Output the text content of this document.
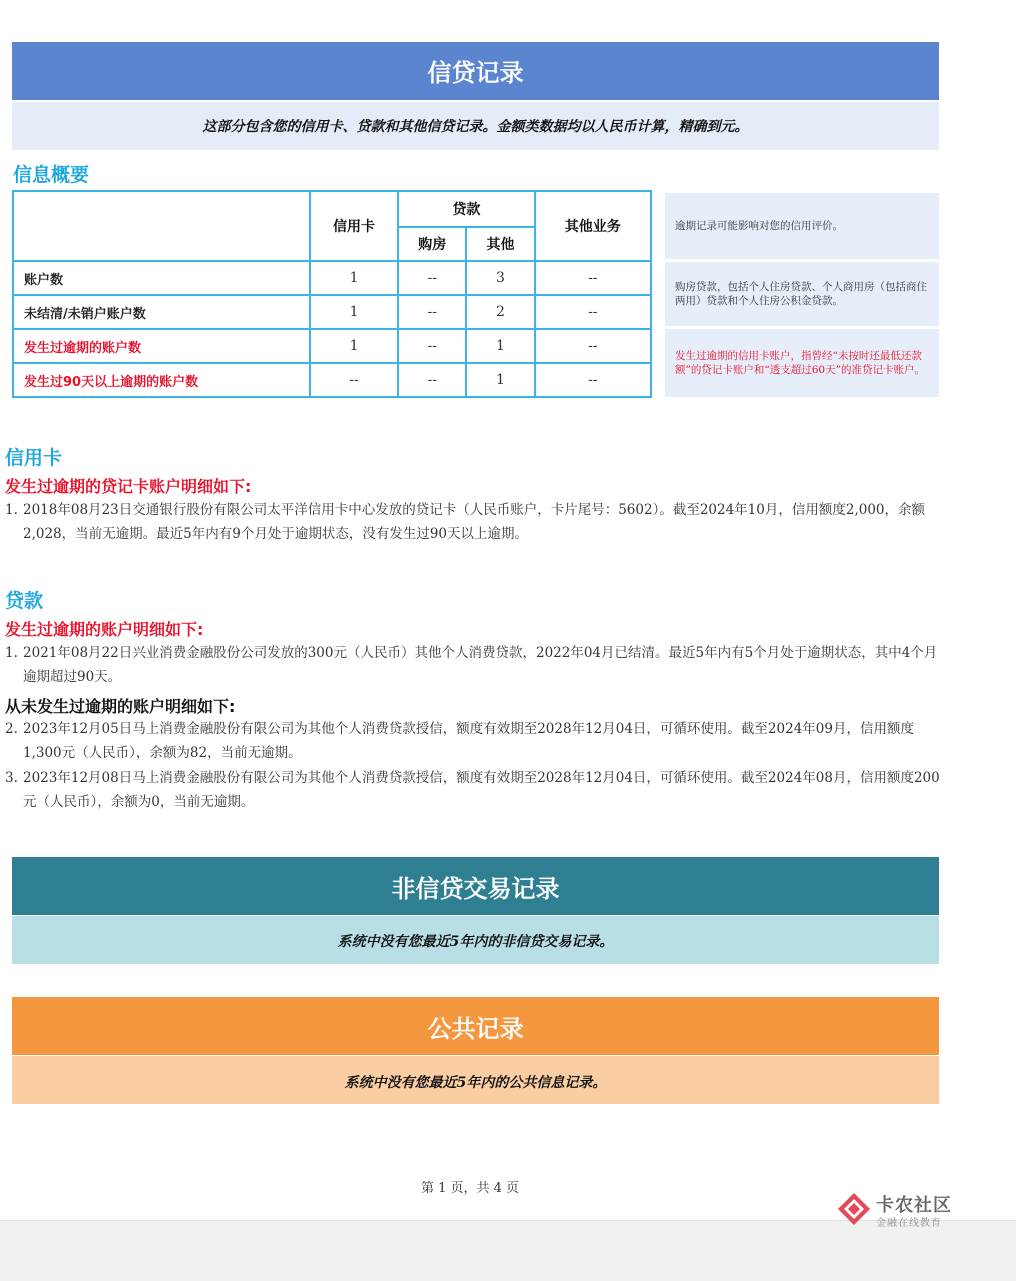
信贷记录
这部分包含您的信用卡、贷款和其他信贷记录。金额类数据均以人民币计算，精确到元。
信息概要
	信用卡	贷款		其他业务
		购房	其他	
账户数	1	--	3	--
未结清/未销户账户数	1	--	2	--
发生过逾期的账户数	1	--	1	--
发生过90天以上逾期的账户数	--	--	1	--
逾期记录可能影响对您的信用评价。
购房贷款，包括个人住房贷款、个人商用房（包括商住两用）贷款和个人住房公积金贷款。
发生过逾期的信用卡账户，指曾经“未按时还最低还款额”的贷记卡账户和“透支超过60天”的准贷记卡账户。
信用卡
发生过逾期的贷记卡账户明细如下:
1. 2018年08月23日交通银行股份有限公司太平洋信用卡中心发放的贷记卡（人民币账户，卡片尾号：5602）。截至2024年10月，信用额度2,000，余额2,028，当前无逾期。最近5年内有9个月处于逾期状态，没有发生过90天以上逾期。
贷款
发生过逾期的账户明细如下:
1. 2021年08月22日兴业消费金融股份公司发放的300元（人民币）其他个人消费贷款，2022年04月已结清。最近5年内有5个月处于逾期状态，其中4个月逾期超过90天。
从未发生过逾期的账户明细如下:
2. 2023年12月05日马上消费金融股份有限公司为其他个人消费贷款授信，额度有效期至2028年12月04日，可循环使用。截至2024年09月，信用额度1,300元（人民币），余额为82，当前无逾期。
3. 2023年12月08日马上消费金融股份有限公司为其他个人消费贷款授信，额度有效期至2028年12月04日，可循环使用。截至2024年08月，信用额度200元（人民币），余额为0，当前无逾期。
非信贷交易记录
系统中没有您最近5年内的非信贷交易记录。
公共记录
系统中没有您最近5年内的公共信息记录。
第 1 页，共 4 页
卡农社区
金融在线教育
